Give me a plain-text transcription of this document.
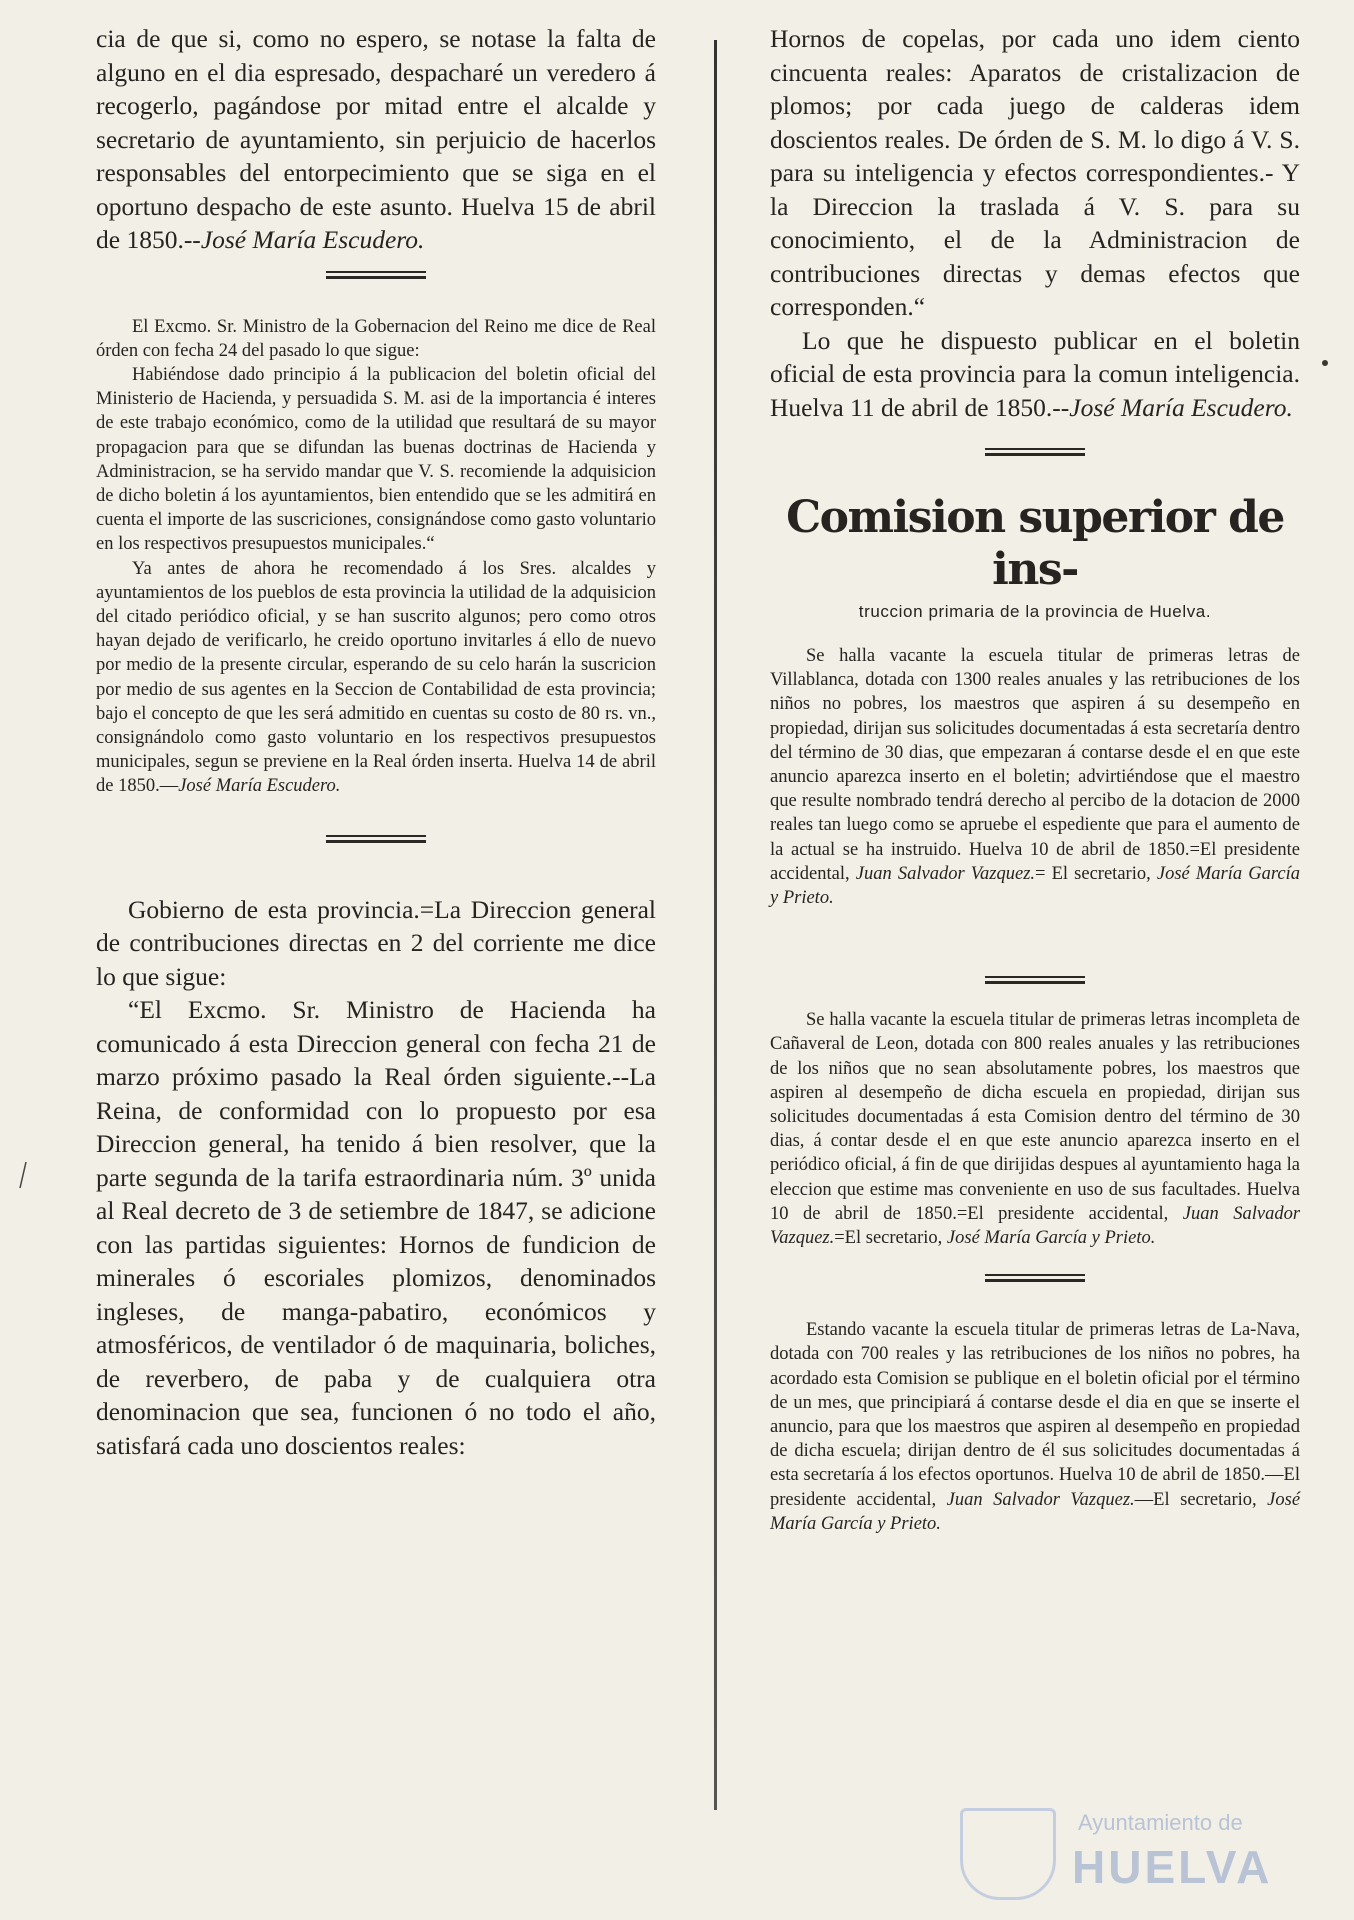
cia de que si, como no espero, se notase la falta de alguno en el dia espresado, despacharé un veredero á recogerlo, pagándose por mitad entre el alcalde y secretario de ayuntamiento, sin perjuicio de hacerlos responsables del entorpecimiento que se siga en el oportuno despacho de este asunto. Huelva 15 de abril de 1850.--José María Escudero.

El Excmo. Sr. Ministro de la Gobernacion del Reino me dice de Real órden con fecha 24 del pasado lo que sigue:

Habiéndose dado principio á la publicacion del boletin oficial del Ministerio de Hacienda, y persuadida S. M. asi de la importancia é interes de este trabajo económico, como de la utilidad que resultará de su mayor propagacion para que se difundan las buenas doctrinas de Hacienda y Administracion, se ha servido mandar que V. S. recomiende la adquisicion de dicho boletin á los ayuntamientos, bien entendido que se les admitirá en cuenta el importe de las suscriciones, consignándose como gasto voluntario en los respectivos presupuestos municipales.“

Ya antes de ahora he recomendado á los Sres. alcaldes y ayuntamientos de los pueblos de esta provincia la utilidad de la adquisicion del citado periódico oficial, y se han suscrito algunos; pero como otros hayan dejado de verificarlo, he creido oportuno invitarles á ello de nuevo por medio de la presente circular, esperando de su celo harán la suscricion por medio de sus agentes en la Seccion de Contabilidad de esta provincia; bajo el concepto de que les será admitido en cuentas su costo de 80 rs. vn., consignándolo como gasto voluntario en los respectivos presupuestos municipales, segun se previene en la Real órden inserta. Huelva 14 de abril de 1850.—José María Escudero.

Gobierno de esta provincia.=La Direccion general de contribuciones directas en 2 del corriente me dice lo que sigue:

“El Excmo. Sr. Ministro de Hacienda ha comunicado á esta Direccion general con fecha 21 de marzo próximo pasado la Real órden siguiente.--La Reina, de conformidad con lo propuesto por esa Direccion general, ha tenido á bien resolver, que la parte segunda de la tarifa estraordinaria núm. 3º unida al Real decreto de 3 de setiembre de 1847, se adicione con las partidas siguientes: Hornos de fundicion de minerales ó escoriales plomizos, denominados ingleses, de manga-pabatiro, económicos y atmosféricos, de ventilador ó de maquinaria, boliches, de reverbero, de paba y de cualquiera otra denominacion que sea, funcionen ó no todo el año, satisfará cada uno doscientos reales:

Hornos de copelas, por cada uno idem ciento cincuenta reales: Aparatos de cristalizacion de plomos; por cada juego de calderas idem doscientos reales. De órden de S. M. lo digo á V. S. para su inteligencia y efectos correspondientes.- Y la Direccion la traslada á V. S. para su conocimiento, el de la Administracion de contribuciones directas y demas efectos que corresponden.“

Lo que he dispuesto publicar en el boletin oficial de esta provincia para la comun inteligencia. Huelva 11 de abril de 1850.--José María Escudero.

Comision superior de ins-

truccion primaria de la provincia de Huelva.

Se halla vacante la escuela titular de primeras letras de Villablanca, dotada con 1300 reales anuales y las retribuciones de los niños no pobres, los maestros que aspiren á su desempeño en propiedad, dirijan sus solicitudes documentadas á esta secretaría dentro del término de 30 dias, que empezaran á contarse desde el en que este anuncio aparezca inserto en el boletin; advirtiéndose que el maestro que resulte nombrado tendrá derecho al percibo de la dotacion de 2000 reales tan luego como se apruebe el espediente que para el aumento de la actual se ha instruido. Huelva 10 de abril de 1850.=El presidente accidental, Juan Salvador Vazquez.= El secretario, José María García y Prieto.

Se halla vacante la escuela titular de primeras letras incompleta de Cañaveral de Leon, dotada con 800 reales anuales y las retribuciones de los niños que no sean absolutamente pobres, los maestros que aspiren al desempeño de dicha escuela en propiedad, dirijan sus solicitudes documentadas á esta Comision dentro del término de 30 dias, á contar desde el en que este anuncio aparezca inserto en el periódico oficial, á fin de que dirijidas despues al ayuntamiento haga la eleccion que estime mas conveniente en uso de sus facultades. Huelva 10 de abril de 1850.=El presidente accidental, Juan Salvador Vazquez.=El secretario, José María García y Prieto.

Estando vacante la escuela titular de primeras letras de La-Nava, dotada con 700 reales y las retribuciones de los niños no pobres, ha acordado esta Comision se publique en el boletin oficial por el término de un mes, que principiará á contarse desde el dia en que se inserte el anuncio, para que los maestros que aspiren al desempeño en propiedad de dicha escuela; dirijan dentro de él sus solicitudes documentadas á esta secretaría á los efectos oportunos. Huelva 10 de abril de 1850.—El presidente accidental, Juan Salvador Vazquez.—El secretario, José María García y Prieto.

Ayuntamiento de
HUELVA
